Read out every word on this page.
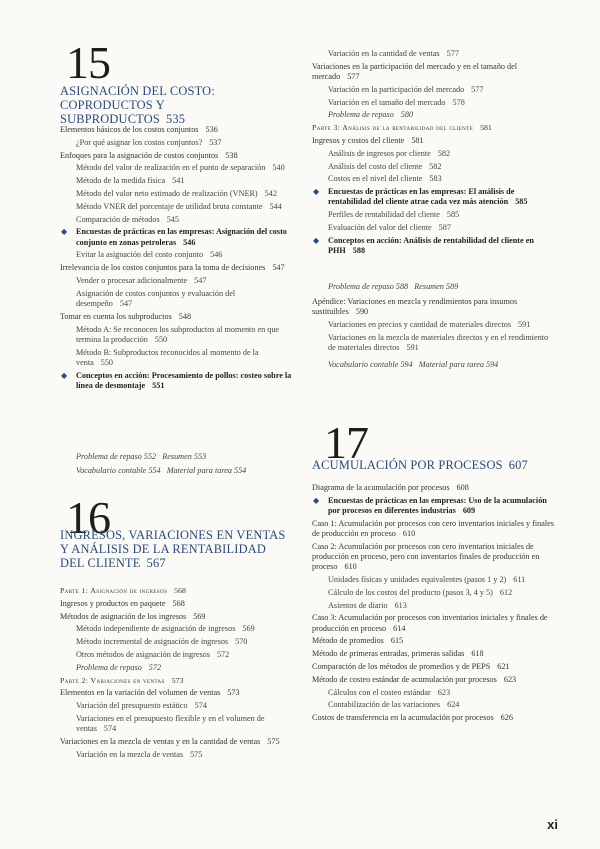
15
ASIGNACIÓN DEL COSTO:
COPRODUCTOS Y SUBPRODUCTOS 535
Elementos básicos de los costos conjuntos 536
¿Por qué asignar los costos conjuntos? 537
Enfoques para la asignación de costos conjuntos 538
Método del valor de realización en el punto de separación 540
Método de la medida física 541
Método del valor neto estimado de realización (VNER) 542
Método VNER del porcentaje de utilidad bruta constante 544
Comparación de métodos 545
◆ Encuestas de prácticas en las empresas: Asignación del costo conjunto en zonas petroleras 546
Evitar la asignación del costo conjunto 546
Irrelevancia de los costos conjuntos para la toma de decisiones 547
Vender o procesar adicionalmente 547
Asignación de costos conjuntos y evaluación del desempeño 547
Tomar en cuenta los subproductos 548
Método A: Se reconocen los subproductos al momento en que termina la producción 550
Método B: Subproductos reconocidos al momento de la venta 550
◆ Conceptos en acción: Procesamiento de pollos: costeo sobre la línea de desmontaje 551
Problema de repaso 552 Resumen 553
Vocabulario contable 554 Material para tarea 554
16
INGRESOS, VARIACIONES EN VENTAS
Y ANÁLISIS DE LA RENTABILIDAD
DEL CLIENTE 567
Parte 1: Asignación de ingresos 568
Ingresos y productos en paquete 568
Métodos de asignación de los ingresos 569
Método independiente de asignación de ingresos 569
Método incremental de asignación de ingresos 570
Otros métodos de asignación de ingresos 572
Problema de repaso 572
Parte 2: Variaciones en ventas 573
Elementos en la variación del volumen de ventas 573
Variación del presupuesto estático 574
Variaciones en el presupuesto flexible y en el volumen de ventas 574
Variaciones en la mezcla de ventas y en la cantidad de ventas 575
Variación en la mezcla de ventas 575
Variación en la cantidad de ventas 577
Variaciones en la participación del mercado y en el tamaño del mercado 577
Variación en la participación del mercado 577
Variación en el tamaño del mercado 578
Problema de repaso 580
Parte 3: Análisis de la rentabilidad del cliente 581
Ingresos y costos del cliente 581
Análisis de ingresos por cliente 582
Análisis del costo del cliente 582
Costos en el nivel del cliente 583
◆ Encuestas de prácticas en las empresas: El análisis de rentabilidad del cliente atrae cada vez más atención 585
Perfiles de rentabilidad del cliente 585
Evaluación del valor del cliente 587
◆ Conceptos en acción: Análisis de rentabilidad del cliente en PHH 588
Problema de repaso 588 Resumen 589
Apéndice: Variaciones en mezcla y rendimientos para insumos sustituibles 590
Variaciones en precios y cantidad de materiales directos 591
Variaciones en la mezcla de materiales directos y en el rendimiento de materiales directos 591
Vocabulario contable 594 Material para tarea 594
17
ACUMULACIÓN POR PROCESOS 607
Diagrama de la acumulación por procesos 608
◆ Encuestas de prácticas en las empresas: Uso de la acumulación por procesos en diferentes industrias 609
Caso 1: Acumulación por procesos con cero inventarios iniciales y finales de producción en proceso 610
Caso 2: Acumulación por procesos con cero inventarios iniciales de producción en proceso, pero con inventarios finales de producción en proceso 610
Unidades físicas y unidades equivalentes (pasos 1 y 2) 611
Cálculo de los costos del producto (pasos 3, 4 y 5) 612
Asientos de diario 613
Caso 3: Acumulación por procesos con inventarios iniciales y finales de producción en proceso 614
Método de promedios 615
Método de primeras entradas, primeras salidas 618
Comparación de los métodos de promedios y de PEPS 621
Método de costeo estándar de acumulación por procesos 623
Cálculos con el costeo estándar 623
Contabilización de las variaciones 624
Costos de transferencia en la acumulación por procesos 626
xi
